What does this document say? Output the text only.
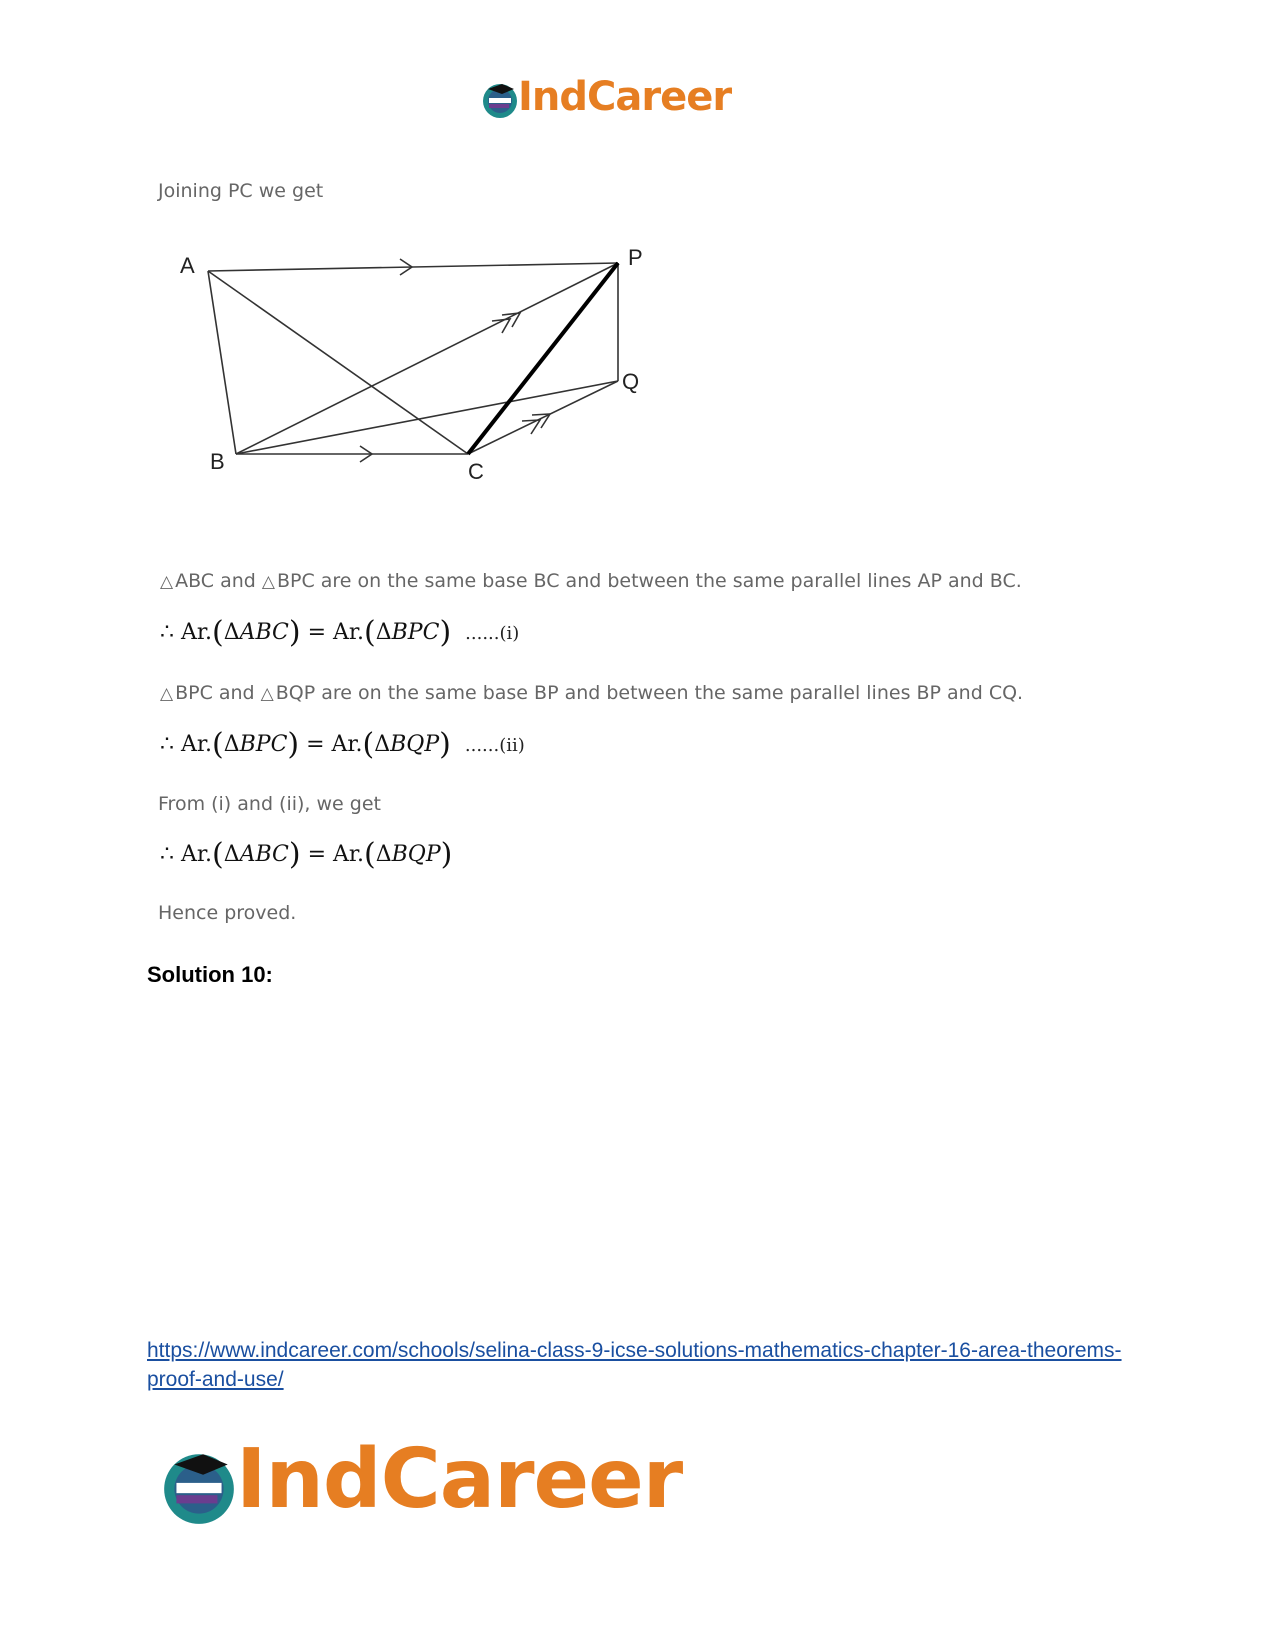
IndCareer
Joining PC we get
A	P
Q
B	C
△ ABC and △ BPC are on the same base BC and between the same parallel lines AP and BC.
∴ Ar.(ΔABC) = Ar.(ΔBPC) ......(i)
△ BPC and △ BQP are on the same base BP and between the same parallel lines BP and CQ.
∴ Ar.(ΔBPC) = Ar.(ΔBQP) ......(ii)
From (i) and (ii), we get
∴ Ar.(ΔABC) = Ar.(ΔBQP)
Hence proved.
Solution 10:
https://www.indcareer.com/schools/selina-class-9-icse-solutions-mathematics-chapter-16-area-theorems-proof-and-use/
IndCareer
